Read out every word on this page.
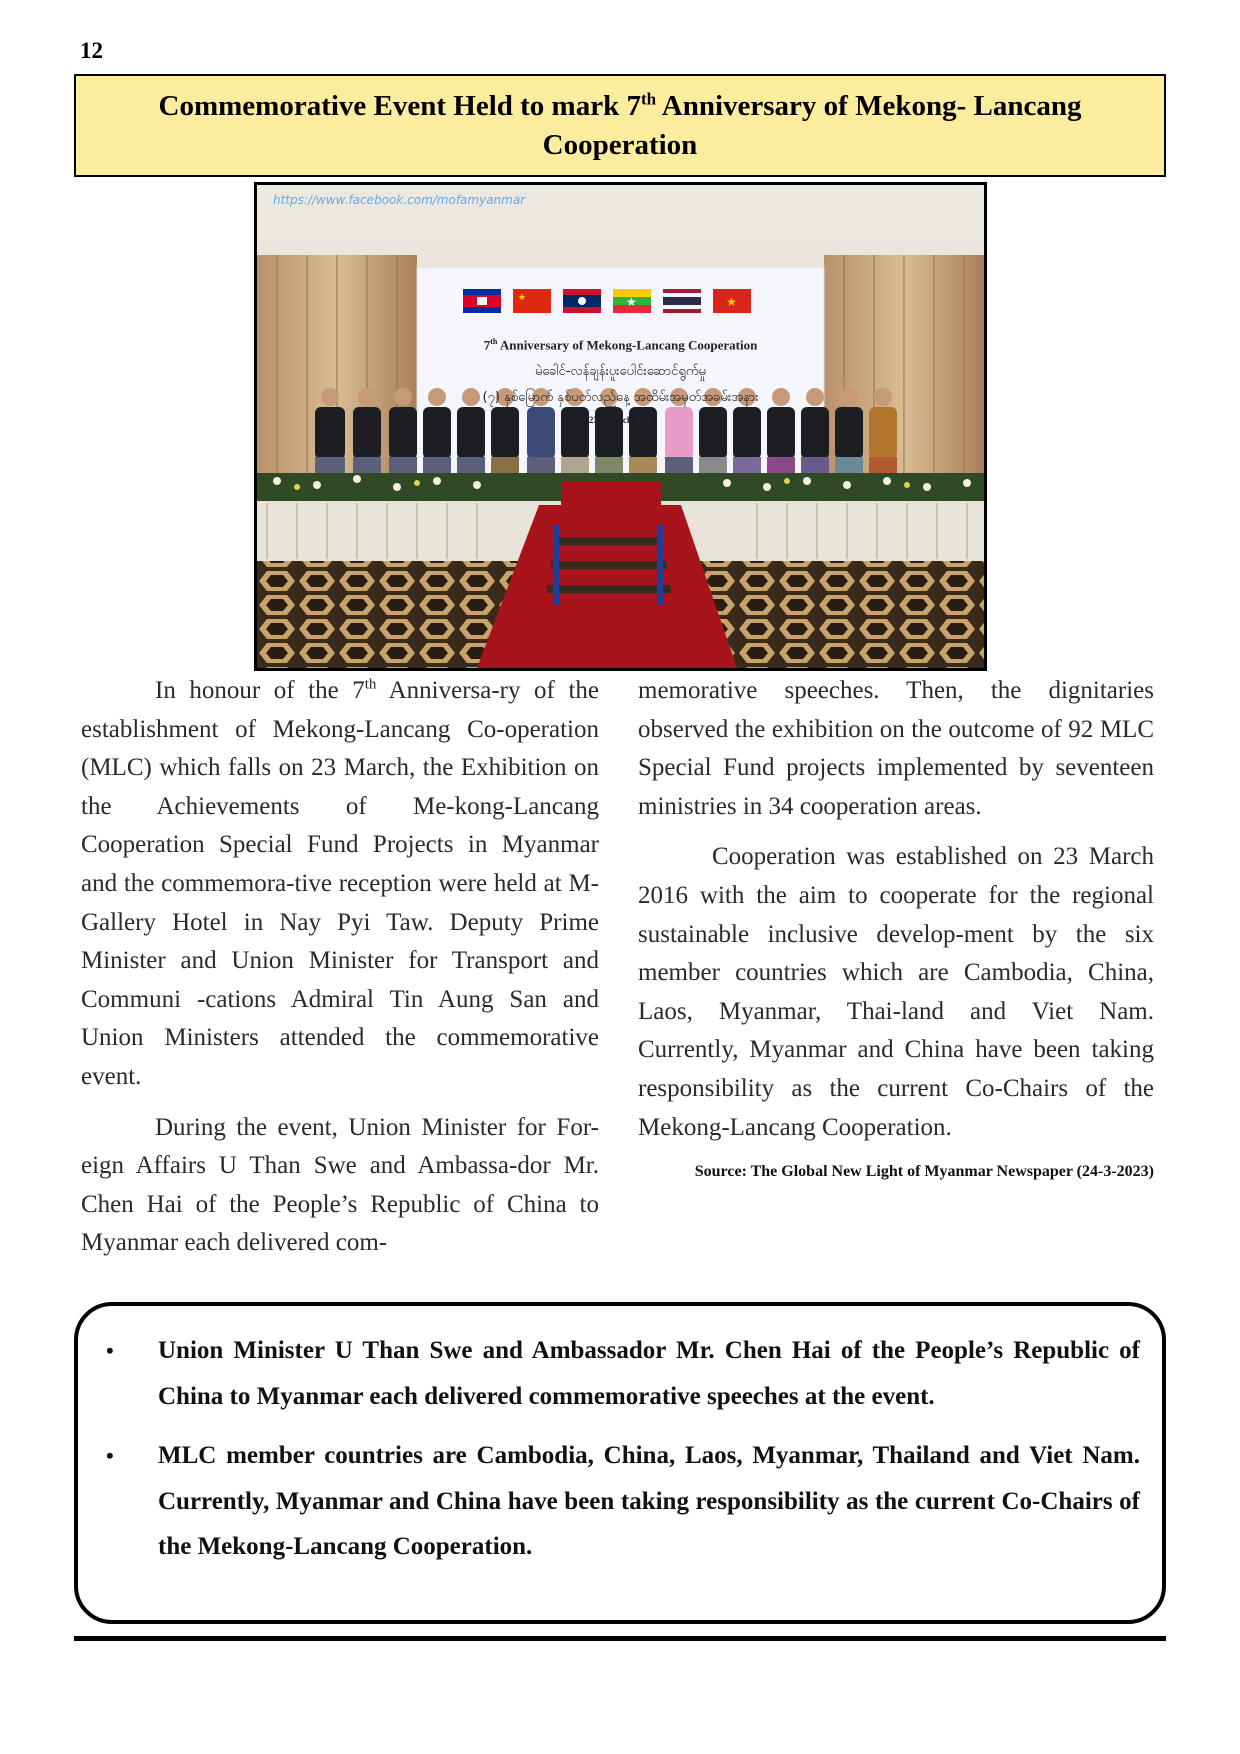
12
Commemorative Event Held to mark 7th Anniversary of Mekong- Lancang
Cooperation
★	★	★
https://www.facebook.com/mofamyanmar
7th Anniversary of Mekong-Lancang Cooperation
မဲခေါင်-လန်ချန်းပူးပေါင်းဆောင်ရွက်မှု
(၇) နှစ်မြောက် နှစ်ပတ်လည်နေ့ အထိမ်းအမှတ်အခမ်းအနား
23rd March 2023

In honour of the 7th Anniversa-ry of the establishment of Mekong-Lancang Co-operation (MLC) which falls on 23 March, the Exhibition on the Achievements of Me-kong-Lancang Cooperation Special Fund Projects in Myanmar and the commemora-tive reception were held at M-Gallery Hotel in Nay Pyi Taw. Deputy Prime Minister and Union Minister for Transport and Communi -cations Admiral Tin Aung San and Union Ministers attended the commemorative event.

During the event, Union Minister for For-eign Affairs U Than Swe and Ambassa-dor Mr. Chen Hai of the People’s Republic of China to Myanmar each delivered com-

memorative speeches. Then, the dignitaries observed the exhibition on the outcome of 92 MLC Special Fund projects implemented by seventeen ministries in 34 cooperation areas.

Cooperation was established on 23 March 2016 with the aim to cooperate for the regional sustainable inclusive develop-ment by the six member countries which are Cambodia, China, Laos, Myanmar, Thai-land and Viet Nam. Currently, Myanmar and China have been taking responsibility as the current Co-Chairs of the Mekong-Lancang Cooperation.

Source: The Global New Light of Myanmar Newspaper (24-3-2023)
• Union Minister U Than Swe and Ambassador Mr. Chen Hai of the People’s Republic of China to Myanmar each delivered commemorative speeches at the event.
• MLC member countries are Cambodia, China, Laos, Myanmar, Thailand and Viet Nam. Currently, Myanmar and China have been taking responsibility as the current Co-Chairs of the Mekong-Lancang Cooperation.
